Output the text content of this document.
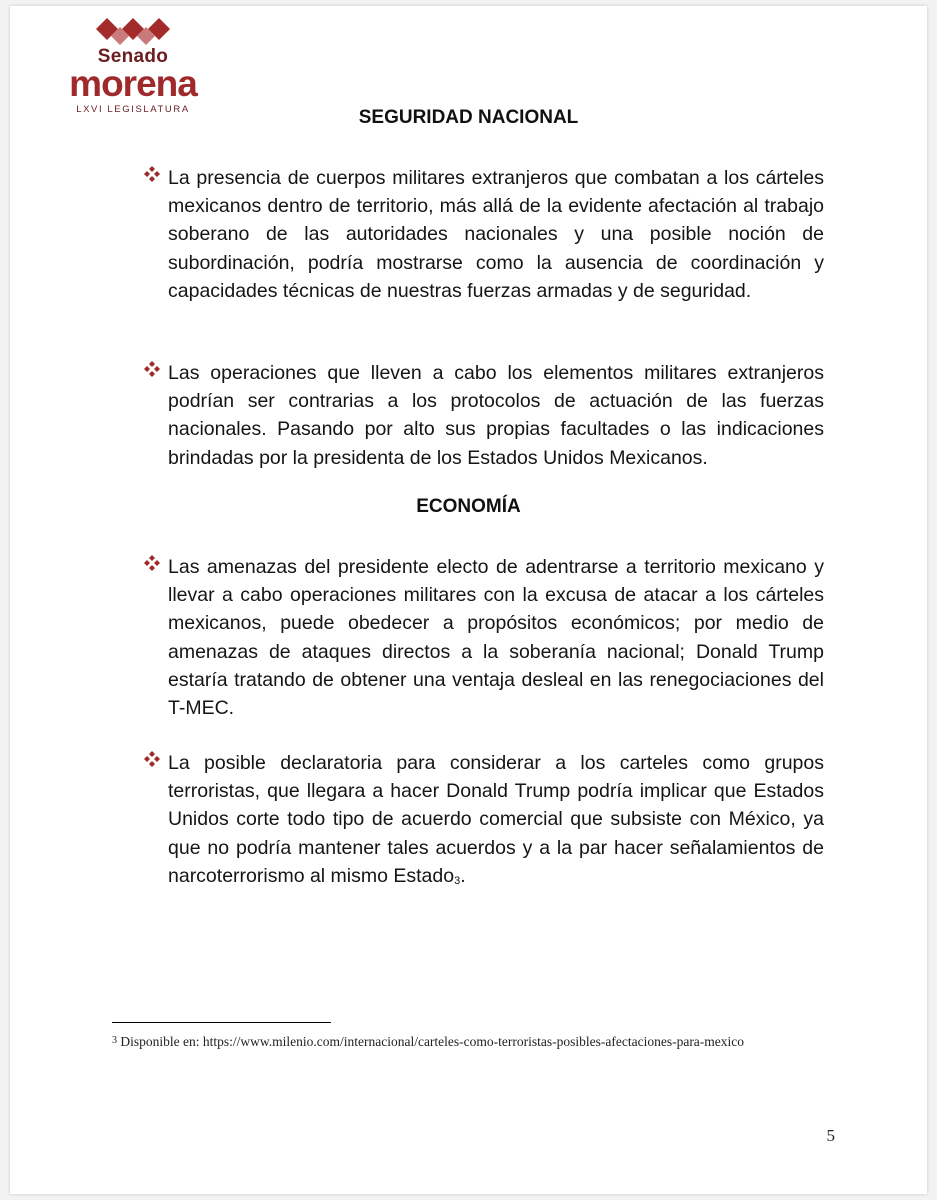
Senado
morena
LXVI LEGISLATURA	SEGURIDAD NACIONAL
La presencia de cuerpos militares extranjeros que combatan a los cárteles mexicanos dentro de territorio, más allá de la evidente afectación al trabajo soberano de las autoridades nacionales y una posible noción de subordinación, podría mostrarse como la ausencia de coordinación y capacidades técnicas de nuestras fuerzas armadas y de seguridad.
Las operaciones que lleven a cabo los elementos militares extranjeros podrían ser contrarias a los protocolos de actuación de las fuerzas nacionales. Pasando por alto sus propias facultades o las indicaciones brindadas por la presidenta de los Estados Unidos Mexicanos.
ECONOMÍA
Las amenazas del presidente electo de adentrarse a territorio mexicano y llevar a cabo operaciones militares con la excusa de atacar a los cárteles mexicanos, puede obedecer a propósitos económicos; por medio de amenazas de ataques directos a la soberanía nacional; Donald Trump estaría tratando de obtener una ventaja desleal en las renegociaciones del T-MEC.
La posible declaratoria para considerar a los carteles como grupos terroristas, que llegara a hacer Donald Trump podría implicar que Estados Unidos corte todo tipo de acuerdo comercial que subsiste con México, ya que no podría mantener tales acuerdos y a la par hacer señalamientos de narcoterrorismo al mismo Estado$^3$.
$^3$ Disponible en: https://www.milenio.com/internacional/carteles-como-terroristas-posibles-afectaciones-para-mexico
5
